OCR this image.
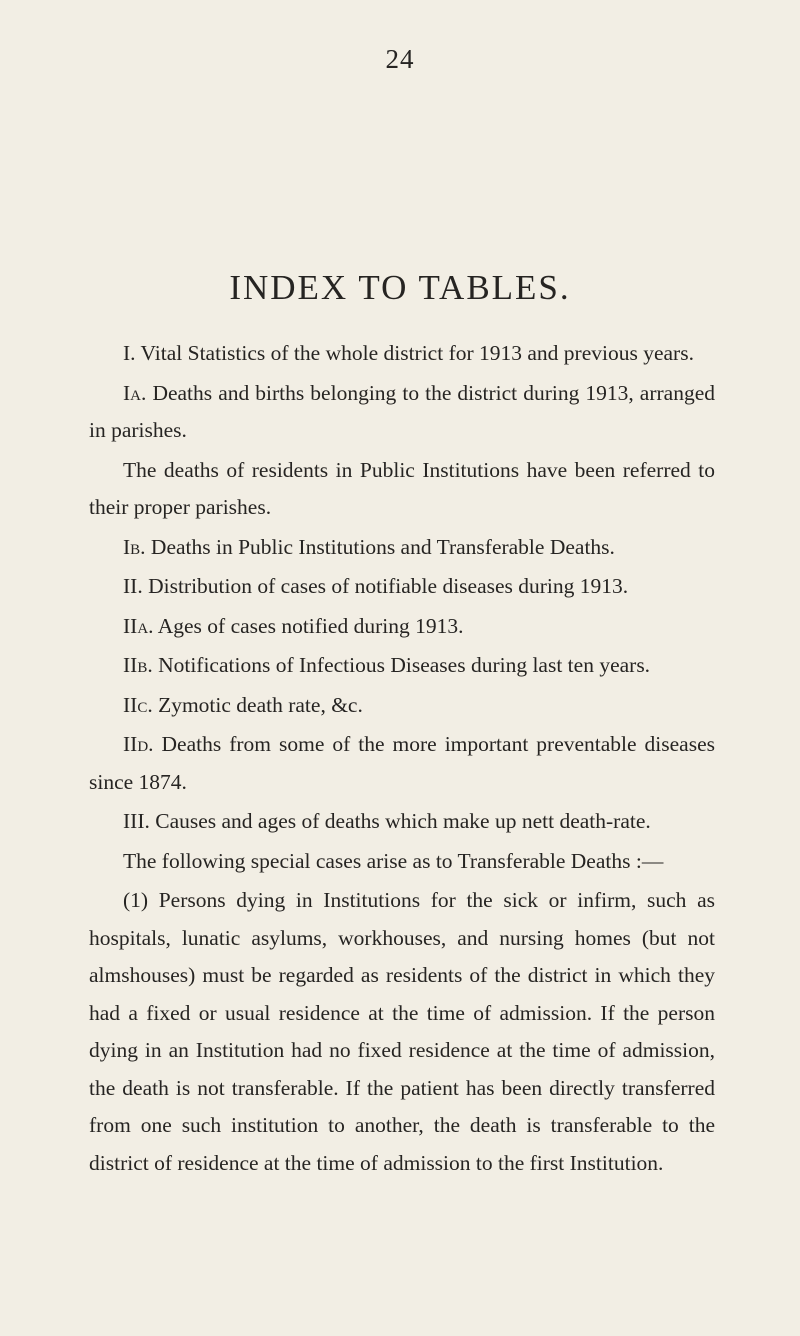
24
INDEX TO TABLES.

I. Vital Statistics of the whole district for 1913 and previous years.

Ia. Deaths and births belonging to the district during 1913, arranged in parishes.

The deaths of residents in Public Institutions have been referred to their proper parishes.

Ib. Deaths in Public Institutions and Transferable Deaths.

II. Distribution of cases of notifiable diseases during 1913.

IIa. Ages of cases notified during 1913.

IIb. Notifications of Infectious Diseases during last ten years.

IIc. Zymotic death rate, &c.

IId. Deaths from some of the more important preventable diseases since 1874.

III. Causes and ages of deaths which make up nett death-rate.

The following special cases arise as to Transferable Deaths :—

(1) Persons dying in Institutions for the sick or infirm, such as hospitals, lunatic asylums, workhouses, and nursing homes (but not almshouses) must be regarded as residents of the district in which they had a fixed or usual residence at the time of admission. If the person dying in an Institution had no fixed residence at the time of admission, the death is not transferable. If the patient has been directly transferred from one such institution to another, the death is transferable to the district of residence at the time of admission to the first Institution.
